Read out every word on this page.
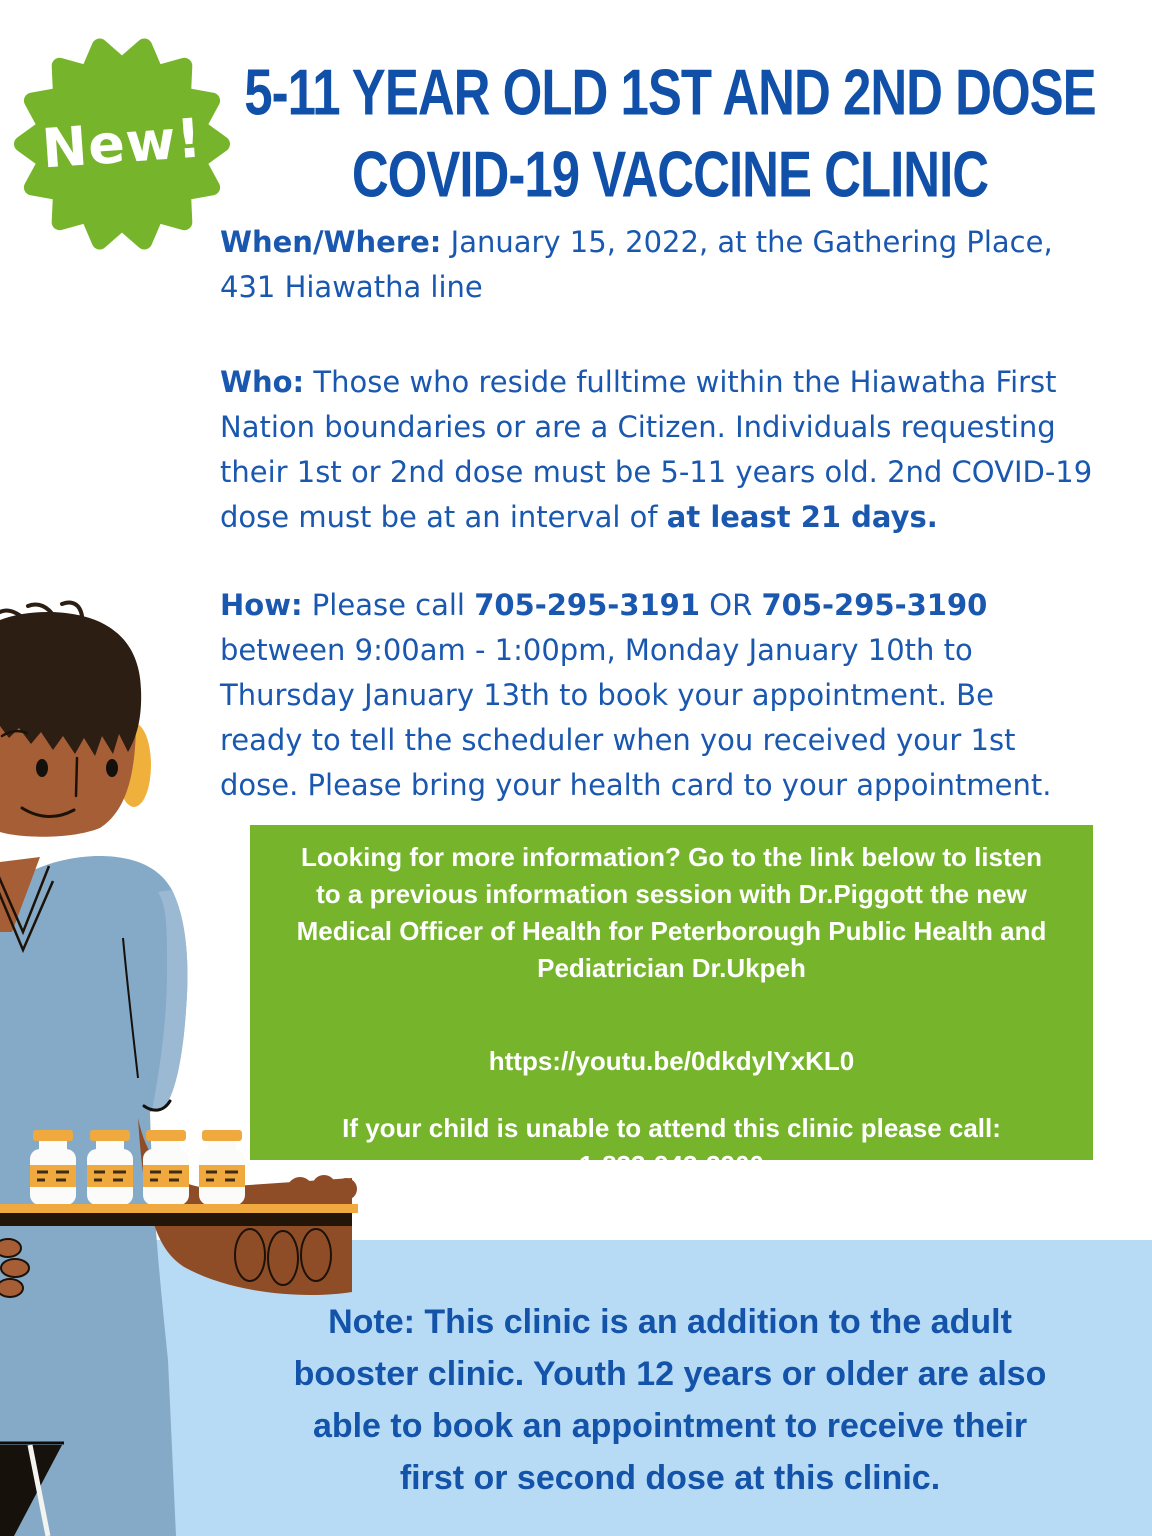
New!
5-11 YEAR OLD 1ST AND 2ND DOSE
COVID-19 VACCINE CLINIC
When/Where: January 15, 2022, at the Gathering Place,
431 Hiawatha line
Who: Those who reside fulltime within the Hiawatha First
Nation boundaries or are a Citizen. Individuals requesting
their 1st or 2nd dose must be 5-11 years old. 2nd COVID-19
dose must be at an interval of at least 21 days.
How: Please call 705-295-3191 OR 705-295-3190
between 9:00am - 1:00pm, Monday January 10th to
Thursday January 13th to book your appointment. Be
ready to tell the scheduler when you received your 1st
dose. Please bring your health card to your appointment.
Looking for more information? Go to the link below to listen
to a previous information session with Dr.Piggott the new
Medical Officer of Health for Peterborough Public Health and
Pediatrician Dr.Ukpeh
https://youtu.be/0dkdylYxKL0
If your child is unable to attend this clinic please call:
1-833-943-3900
Note: This clinic is an addition to the adult
booster clinic. Youth 12 years or older are also
able to book an appointment to receive their
first or second dose at this clinic.
